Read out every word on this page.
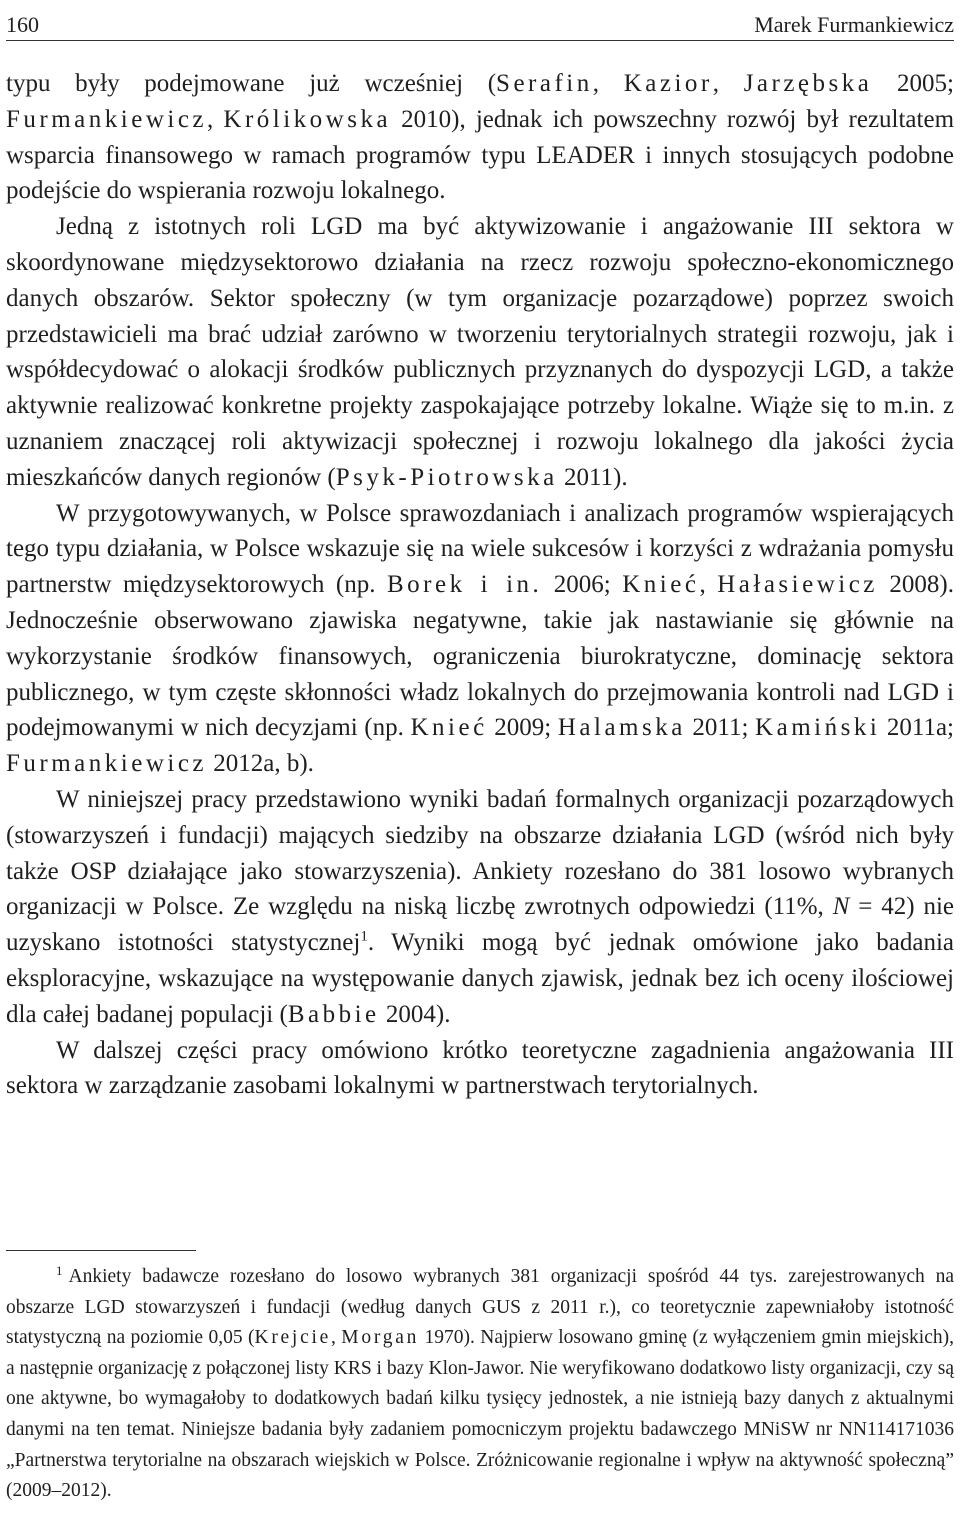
160	Marek Furmankiewicz

typu były podejmowane już wcześniej (Serafin, Kazior, Jarzębska 2005; Furmankiewicz, Królikowska 2010), jednak ich powszechny rozwój był rezultatem wsparcia finansowego w ramach programów typu LEADER i innych stosujących podobne podejście do wspierania rozwoju lokalnego.

Jedną z istotnych roli LGD ma być aktywizowanie i angażowanie III sektora w skoordynowane międzysektorowo działania na rzecz rozwoju społeczno-ekonomicznego danych obszarów. Sektor społeczny (w tym organizacje pozarządowe) poprzez swoich przedstawicieli ma brać udział zarówno w tworzeniu terytorialnych strategii rozwoju, jak i współdecydować o alokacji środków publicznych przyznanych do dyspozycji LGD, a także aktywnie realizować konkretne projekty zaspokajające potrzeby lokalne. Wiąże się to m.in. z uznaniem znaczącej roli aktywizacji społecznej i rozwoju lokalnego dla jakości życia mieszkańców danych regionów (Psyk-Piotrowska 2011).

W przygotowywanych, w Polsce sprawozdaniach i analizach programów wspierających tego typu działania, w Polsce wskazuje się na wiele sukcesów i korzyści z wdrażania pomysłu partnerstw międzysektorowych (np. Borek i in. 2006; Knieć, Hałasiewicz 2008). Jednocześnie obserwowano zjawiska negatywne, takie jak nastawianie się głównie na wykorzystanie środków finansowych, ograniczenia biurokratyczne, dominację sektora publicznego, w tym częste skłonności władz lokalnych do przejmowania kontroli nad LGD i podejmowanymi w nich decyzjami (np. Knieć 2009; Halamska 2011; Kamiński 2011a; Furmankiewicz 2012a, b).

W niniejszej pracy przedstawiono wyniki badań formalnych organizacji pozarządowych (stowarzyszeń i fundacji) mających siedziby na obszarze działania LGD (wśród nich były także OSP działające jako stowarzyszenia). Ankiety rozesłano do 381 losowo wybranych organizacji w Polsce. Ze względu na niską liczbę zwrotnych odpowiedzi (11%, N = 42) nie uzyskano istotności statystycznej$^1$. Wyniki mogą być jednak omówione jako badania eksploracyjne, wskazujące na występowanie danych zjawisk, jednak bez ich oceny ilościowej dla całej badanej populacji (Babbie 2004).

W dalszej części pracy omówiono krótko teoretyczne zagadnienia angażowania III sektora w zarządzanie zasobami lokalnymi w partnerstwach terytorialnych.

$^1$ Ankiety badawcze rozesłano do losowo wybranych 381 organizacji spośród 44 tys. zarejestrowanych na obszarze LGD stowarzyszeń i fundacji (według danych GUS z 2011 r.), co teoretycznie zapewniałoby istotność statystyczną na poziomie 0,05 (Krejcie, Morgan 1970). Najpierw losowano gminę (z wyłączeniem gmin miejskich), a następnie organizację z połączonej listy KRS i bazy Klon-Jawor. Nie weryfikowano dodatkowo listy organizacji, czy są one aktywne, bo wymagałoby to dodatkowych badań kilku tysięcy jednostek, a nie istnieją bazy danych z aktualnymi danymi na ten temat. Niniejsze badania były zadaniem pomocniczym projektu badawczego MNiSW nr NN114171036 „Partnerstwa terytorialne na obszarach wiejskich w Polsce. Zróżnicowanie regionalne i wpływ na aktywność społeczną” (2009–2012).
